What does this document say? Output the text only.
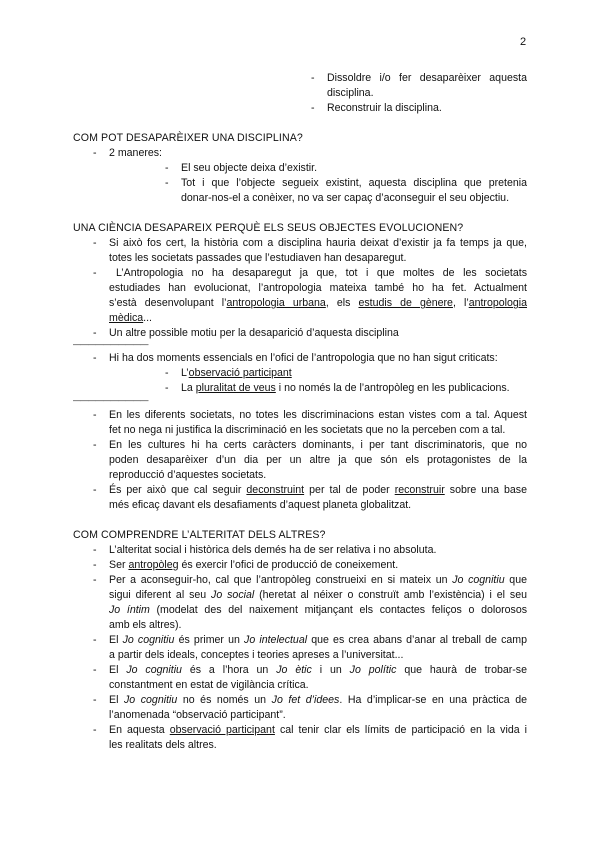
2
- Dissoldre i/o fer desaparèixer aquesta
disciplina.
- Reconstruir la disciplina.
COM POT DESAPARÈIXER UNA DISCIPLINA?
- 2 maneres:
- El seu objecte deixa d’existir.
- Tot i que l’objecte segueix existint, aquesta disciplina que pretenia
donar-nos-el a conèixer, no va ser capaç d’aconseguir el seu objectiu.
UNA CIÈNCIA DESAPAREIX PERQUÈ ELS SEUS OBJECTES EVOLUCIONEN?
- Si això fos cert, la història com a disciplina hauria deixat d’existir ja fa temps ja que,
totes les societats passades que l’estudiaven han desaparegut.
- L’Antropologia no ha desaparegut ja que, tot i que moltes de les societats
estudiades han evolucionat, l’antropologia mateixa també ho ha fet. Actualment
s’està desenvolupant l’antropologia urbana, els estudis de gènere, l’antropologia
mèdica...
- Un altre possible motiu per la desaparició d’aquesta disciplina
——————————
- Hi ha dos moments essencials en l’ofici de l’antropologia que no han sigut criticats:
- L’observació participant
- La pluralitat de veus i no només la de l’antropòleg en les publicacions.
——————————
- En les diferents societats, no totes les discriminacions estan vistes com a tal. Aquest
fet no nega ni justifica la discriminació en les societats que no la perceben com a tal.
- En les cultures hi ha certs caràcters dominants, i per tant discriminatoris, que no
poden desaparèixer d’un dia per un altre ja que són els protagonistes de la
reproducció d’aquestes societats.
- És per això que cal seguir deconstruint per tal de poder reconstruir sobre una base
més eficaç davant els desafiaments d’aquest planeta globalitzat.
COM COMPRENDRE L’ALTERITAT DELS ALTRES?
- L’alteritat social i històrica dels demés ha de ser relativa i no absoluta.
- Ser antropòleg és exercir l’ofici de producció de coneixement.
- Per a aconseguir-ho, cal que l’antropòleg construeixi en si mateix un Jo cognitiu que
sigui diferent al seu Jo social (heretat al néixer o construït amb l’existència) i el seu
Jo íntim (modelat des del naixement mitjançant els contactes feliços o dolorosos
amb els altres).
- El Jo cognitiu és primer un Jo intelectual que es crea abans d’anar al treball de camp
a partir dels ideals, conceptes i teories apreses a l’universitat...
- El Jo cognitiu és a l’hora un Jo ètic i un Jo polític que haurà de trobar-se
constantment en estat de vigilància crítica.
- El Jo cognitiu no és només un Jo fet d’idees. Ha d’implicar-se en una pràctica de
l’anomenada “observació participant”.
- En aquesta observació participant cal tenir clar els límits de participació en la vida i
les realitats dels altres.
